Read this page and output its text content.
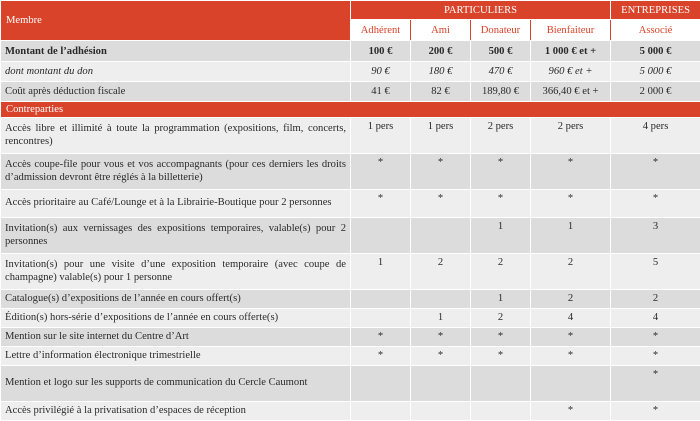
Membre	PARTICULIERS				ENTREPRISES
	Adhérent	Ami	Donateur	Bienfaiteur	Associé
Montant de l’adhésion	100 €	200 €	500 €	1 000 € et +	5 000 €
dont montant du don	90 €	180 €	470 €	960 € et +	5 000 €
Coût après déduction fiscale	41 €	82 €	189,80 €	366,40 € et +	2 000 €
Contreparties					
Accès libre et illimité à toute la programmation (expositions, film, concerts, rencontres)	1 pers	1 pers	2 pers	2 pers	4 pers
Accès coupe-file pour vous et vos accompagnants (pour ces derniers les droits d’admission devront être réglés à la billetterie)	*	*	*	*	*
Accès prioritaire au Café/Lounge et à la Librairie-Boutique pour 2 personnes	*	*	*	*	*
Invitation(s) aux vernissages des expositions temporaires, valable(s) pour 2 personnes			1	1	3
Invitation(s) pour une visite d’une exposition temporaire (avec coupe de champagne) valable(s) pour 1 personne	1	2	2	2	5
Catalogue(s) d’expositions de l’année en cours offert(s)			1	2	2
Édition(s) hors-série d’expositions de l’année en cours offerte(s)		1	2	4	4
Mention sur le site internet du Centre d’Art	*	*	*	*	*
Lettre d’information électronique trimestrielle	*	*	*	*	*
Mention et logo sur les supports de communication du Cercle Caumont					*
Accès privilégié à la privatisation d’espaces de réception				*	*
